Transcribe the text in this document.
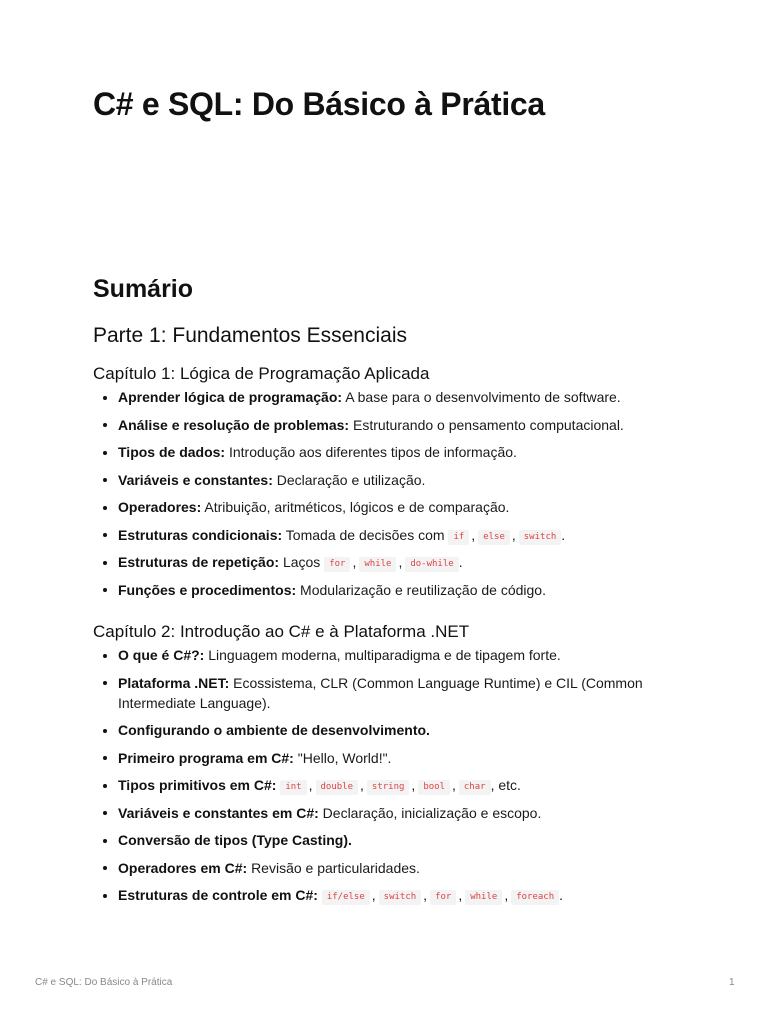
C# e SQL: Do Básico à Prática
Sumário
Parte 1: Fundamentos Essenciais
Capítulo 1: Lógica de Programação Aplicada
Aprender lógica de programação: A base para o desenvolvimento de software.
Análise e resolução de problemas: Estruturando o pensamento computacional.
Tipos de dados: Introdução aos diferentes tipos de informação.
Variáveis e constantes: Declaração e utilização.
Operadores: Atribuição, aritméticos, lógicos e de comparação.
Estruturas condicionais: Tomada de decisões com if , else , switch .
Estruturas de repetição: Laços for , while , do-while .
Funções e procedimentos: Modularização e reutilização de código.
Capítulo 2: Introdução ao C# e à Plataforma .NET
O que é C#?: Linguagem moderna, multiparadigma e de tipagem forte.
Plataforma .NET: Ecossistema, CLR (Common Language Runtime) e CIL (Common Intermediate Language).
Configurando o ambiente de desenvolvimento.
Primeiro programa em C#: "Hello, World!".
Tipos primitivos em C#: int , double , string , bool , char , etc.
Variáveis e constantes em C#: Declaração, inicialização e escopo.
Conversão de tipos (Type Casting).
Operadores em C#: Revisão e particularidades.
Estruturas de controle em C#: if/else , switch , for , while , foreach .
C# e SQL: Do Básico à Prática	1
